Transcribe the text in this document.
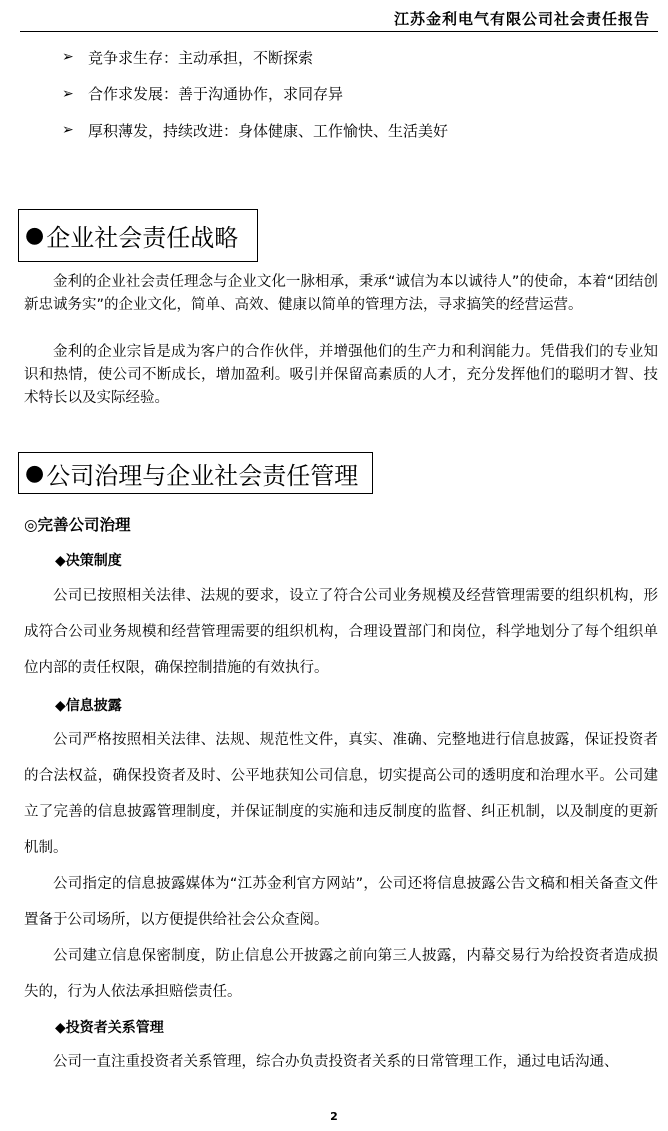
江苏金利电气有限公司社会责任报告
➢ 竞争求生存：主动承担，不断探索
➢ 合作求发展：善于沟通协作，求同存异
➢ 厚积薄发，持续改进：身体健康、工作愉快、生活美好
● 企业社会责任战略

金利的企业社会责任理念与企业文化一脉相承，秉承“诚信为本以诚待人”的使命，本着“团结创新忠诚务实”的企业文化，简单、高效、健康以简单的管理方法，寻求搞笑的经营运营。

金利的企业宗旨是成为客户的合作伙伴，并增强他们的生产力和利润能力。凭借我们的专业知识和热情，使公司不断成长，增加盈利。吸引并保留高素质的人才，充分发挥他们的聪明才智、技术特长以及实际经验。

● 公司治理与企业社会责任管理
◎完善公司治理
◆决策制度

公司已按照相关法律、法规的要求，设立了符合公司业务规模及经营管理需要的组织机构，形成符合公司业务规模和经营管理需要的组织机构，合理设置部门和岗位，科学地划分了每个组织单位内部的责任权限，确保控制措施的有效执行。

◆信息披露

公司严格按照相关法律、法规、规范性文件，真实、准确、完整地进行信息披露，保证投资者的合法权益，确保投资者及时、公平地获知公司信息，切实提高公司的透明度和治理水平。公司建立了完善的信息披露管理制度，并保证制度的实施和违反制度的监督、纠正机制，以及制度的更新机制。

公司指定的信息披露媒体为“江苏金利官方网站”，公司还将信息披露公告文稿和相关备查文件置备于公司场所，以方便提供给社会公众查阅。

公司建立信息保密制度，防止信息公开披露之前向第三人披露，内幕交易行为给投资者造成损失的，行为人依法承担赔偿责任。

◆投资者关系管理

公司一直注重投资者关系管理，综合办负责投资者关系的日常管理工作，通过电话沟通、

2
